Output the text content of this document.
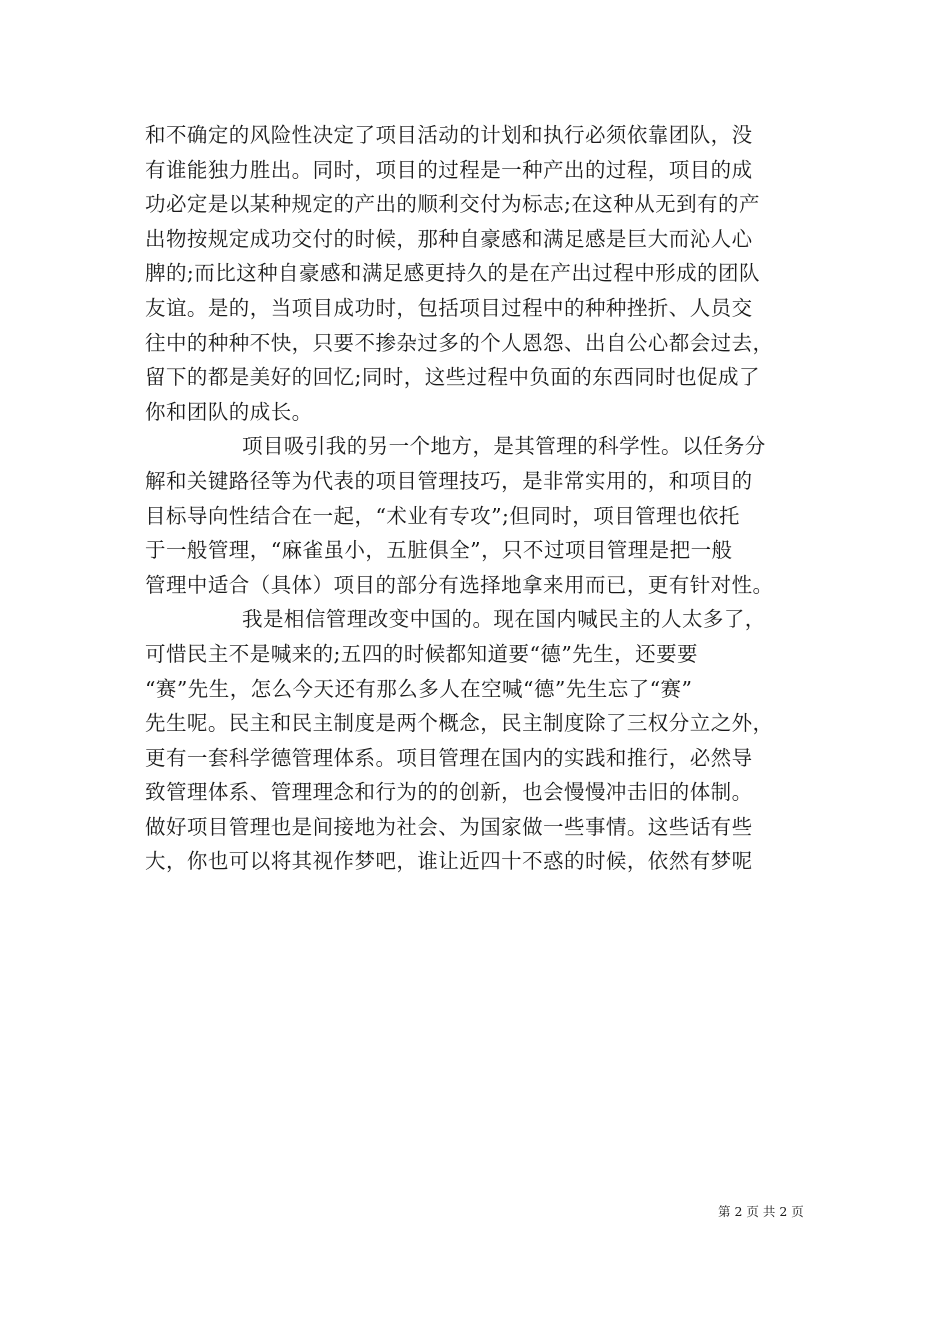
和不确定的风险性决定了项目活动的计划和执行必须依靠团队，没
有谁能独力胜出。同时，项目的过程是一种产出的过程，项目的成
功必定是以某种规定的产出的顺利交付为标志;在这种从无到有的产
出物按规定成功交付的时候，那种自豪感和满足感是巨大而沁人心
脾的;而比这种自豪感和满足感更持久的是在产出过程中形成的团队
友谊。是的，当项目成功时，包括项目过程中的种种挫折、人员交
往中的种种不快，只要不掺杂过多的个人恩怨、出自公心都会过去，
留下的都是美好的回忆;同时，这些过程中负面的东西同时也促成了
你和团队的成长。
项目吸引我的另一个地方，是其管理的科学性。以任务分
解和关键路径等为代表的项目管理技巧，是非常实用的，和项目的
目标导向性结合在一起，“术业有专攻”;但同时，项目管理也依托
于一般管理，“麻雀虽小，五脏俱全”，只不过项目管理是把一般
管理中适合（具体）项目的部分有选择地拿来用而已，更有针对性。
我是相信管理改变中国的。现在国内喊民主的人太多了，
可惜民主不是喊来的;五四的时候都知道要“德”先生，还要要
“赛”先生，怎么今天还有那么多人在空喊“德”先生忘了“赛”
先生呢。民主和民主制度是两个概念，民主制度除了三权分立之外，
更有一套科学德管理体系。项目管理在国内的实践和推行，必然导
致管理体系、管理理念和行为的的创新，也会慢慢冲击旧的体制。
做好项目管理也是间接地为社会、为国家做一些事情。这些话有些
大，你也可以将其视作梦吧，谁让近四十不惑的时候，依然有梦呢
第 2 页 共 2 页
